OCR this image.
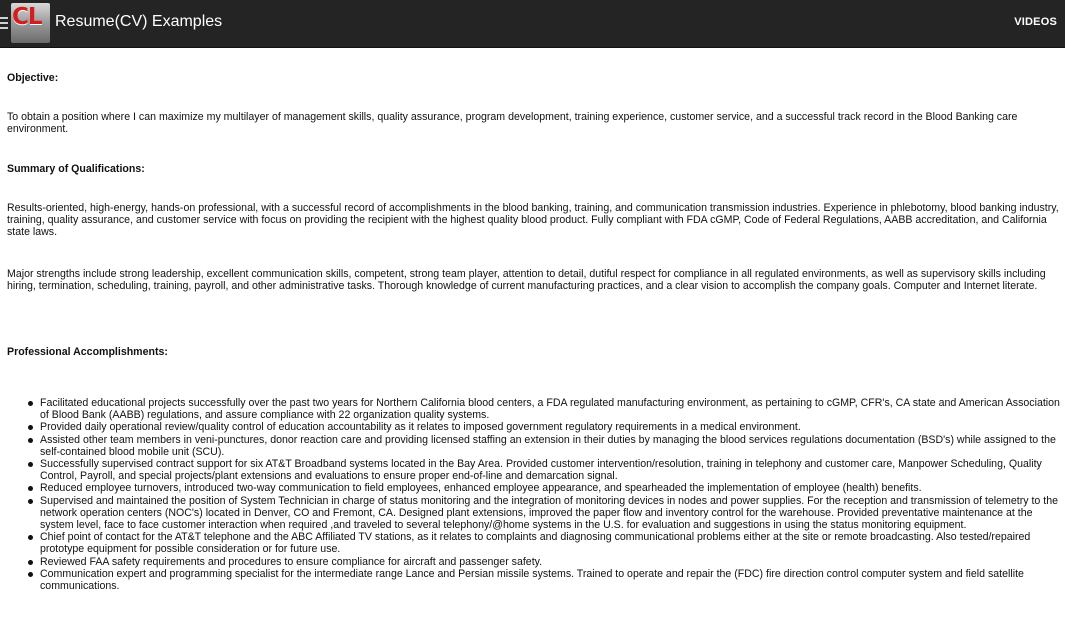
CL Resume(CV) Examples	VIDEOS
Objective:
To obtain a position where I can maximize my multilayer of management skills, quality assurance, program development, training experience, customer service, and a successful track record in the Blood Banking care environment.
Summary of Qualifications:
Results-oriented, high-energy, hands-on professional, with a successful record of accomplishments in the blood banking, training, and communication transmission industries. Experience in phlebotomy, blood banking industry, training, quality assurance, and customer service with focus on providing the recipient with the highest quality blood product. Fully compliant with FDA cGMP, Code of Federal Regulations, AABB accreditation, and California state laws.
Major strengths include strong leadership, excellent communication skills, competent, strong team player, attention to detail, dutiful respect for compliance in all regulated environments, as well as supervisory skills including hiring, termination, scheduling, training, payroll, and other administrative tasks. Thorough knowledge of current manufacturing practices, and a clear vision to accomplish the company goals. Computer and Internet literate.
Professional Accomplishments:
Facilitated educational projects successfully over the past two years for Northern California blood centers, a FDA regulated manufacturing environment, as pertaining to cGMP, CFR's, CA state and American Association of Blood Bank (AABB) regulations, and assure compliance with 22 organization quality systems.
Provided daily operational review/quality control of education accountability as it relates to imposed government regulatory requirements in a medical environment.
Assisted other team members in veni-punctures, donor reaction care and providing licensed staffing an extension in their duties by managing the blood services regulations documentation (BSD's) while assigned to the self-contained blood mobile unit (SCU).
Successfully supervised contract support for six AT&T Broadband systems located in the Bay Area. Provided customer intervention/resolution, training in telephony and customer care, Manpower Scheduling, Quality Control, Payroll, and special projects/plant extensions and evaluations to ensure proper end-of-line and demarcation signal.
Reduced employee turnovers, introduced two-way communication to field employees, enhanced employee appearance, and spearheaded the implementation of employee (health) benefits.
Supervised and maintained the position of System Technician in charge of status monitoring and the integration of monitoring devices in nodes and power supplies. For the reception and transmission of telemetry to the network operation centers (NOC's) located in Denver, CO and Fremont, CA. Designed plant extensions, improved the paper flow and inventory control for the warehouse. Provided preventative maintenance at the system level, face to face customer interaction when required ,and traveled to several telephony/@home systems in the U.S. for evaluation and suggestions in using the status monitoring equipment.
Chief point of contact for the AT&T telephone and the ABC Affiliated TV stations, as it relates to complaints and diagnosing communicational problems either at the site or remote broadcasting. Also tested/repaired prototype equipment for possible consideration or for future use.
Reviewed FAA safety requirements and procedures to ensure compliance for aircraft and passenger safety.
Communication expert and programming specialist for the intermediate range Lance and Persian missile systems. Trained to operate and repair the (FDC) fire direction control computer system and field satellite communications.
